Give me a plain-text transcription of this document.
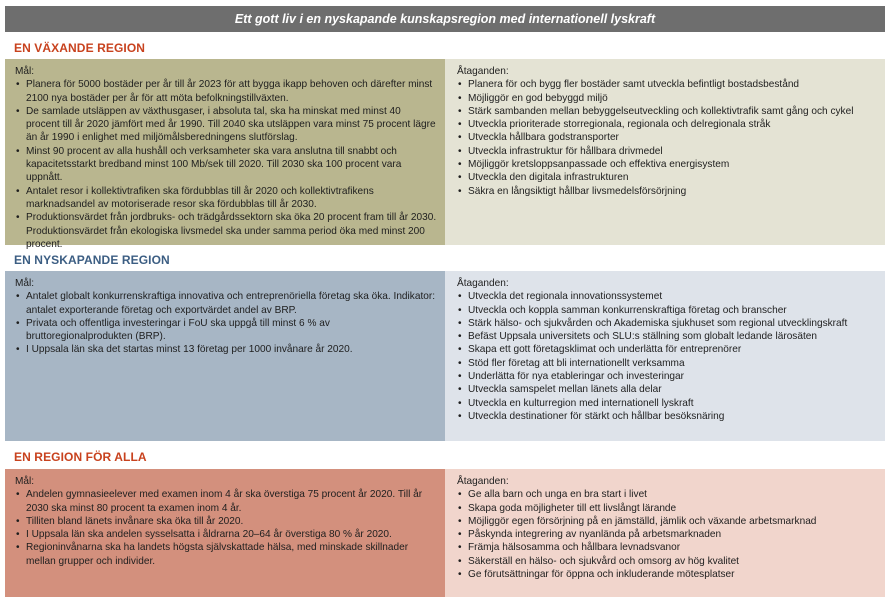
Ett gott liv i en nyskapande kunskapsregion med internationell lyskraft
EN VÄXANDE REGION
Mål:
• Planera för 5000 bostäder per år till år 2023 för att bygga ikapp behoven och därefter minst 2100 nya bostäder per år för att möta befolkningstillväxten.
• De samlade utsläppen av växthusgaser, i absoluta tal, ska ha minskat med minst 40 procent till år 2020 jämfört med år 1990. Till 2040 ska utsläppen vara minst 75 procent lägre än år 1990 i enlighet med miljömålsberedningens slutförslag.
• Minst 90 procent av alla hushåll och verksamheter ska vara anslutna till snabbt och kapacitetsstarkt bredband minst 100 Mb/sek till 2020. Till 2030 ska 100 procent vara uppnått.
• Antalet resor i kollektivtrafiken ska fördubblas till år 2020 och kollektivtrafikens marknadsandel av motoriserade resor ska fördubblas till år 2030.
• Produktionsvärdet från jordbruks- och trädgårdssektorn ska öka 20 procent fram till år 2030. Produktionsvärdet från ekologiska livsmedel ska under samma period öka med minst 200 procent.
Åtaganden:
• Planera för och bygg fler bostäder samt utveckla befintligt bostadsbestånd
• Möjliggör en god bebyggd miljö
• Stärk sambanden mellan bebyggelseutveckling och kollektivtrafik samt gång och cykel
• Utveckla prioriterade storregionala, regionala och delregionala stråk
• Utveckla hållbara godstransporter
• Utveckla infrastruktur för hållbara drivmedel
• Möjliggör kretsloppsanpassade och effektiva energisystem
• Utveckla den digitala infrastrukturen
• Säkra en långsiktigt hållbar livsmedelsförsörjning
EN NYSKAPANDE REGION
Mål:
• Antalet globalt konkurrenskraftiga innovativa och entreprenöriella företag ska öka. Indikator: antalet exporterande företag och exportvärdet andel av BRP.
• Privata och offentliga investeringar i FoU ska uppgå till minst 6 % av bruttoregionalprodukten (BRP).
• I Uppsala län ska det startas minst 13 företag per 1000 invånare år 2020.
Åtaganden:
• Utveckla det regionala innovationssystemet
• Utveckla och koppla samman konkurrenskraftiga företag och branscher
• Stärk hälso- och sjukvården och Akademiska sjukhuset som regional utvecklingskraft
• Befäst Uppsala universitets och SLU:s ställning som globalt ledande lärosäten
• Skapa ett gott företagsklimat och underlätta för entreprenörer
• Stöd fler företag att bli internationellt verksamma
• Underlätta för nya etableringar och investeringar
• Utveckla samspelet mellan länets alla delar
• Utveckla en kulturregion med internationell lyskraft
• Utveckla destinationer för stärkt och hållbar besöksnäring
EN REGION FÖR ALLA
Mål:
• Andelen gymnasieelever med examen inom 4 år ska överstiga 75 procent år 2020. Till år 2030 ska minst 80 procent ta examen inom 4 år.
• Tilliten bland länets invånare ska öka till år 2020.
• I Uppsala län ska andelen sysselsatta i åldrarna 20–64 år överstiga 80 % år 2020.
• Regioninvånarna ska ha landets högsta självskattade hälsa, med minskade skillnader mellan grupper och individer.
Åtaganden:
• Ge alla barn och unga en bra start i livet
• Skapa goda möjligheter till ett livslångt lärande
• Möjliggör egen försörjning på en jämställd, jämlik och växande arbetsmarknad
• Påskynda integrering av nyanlända på arbetsmarknaden
• Främja hälsosamma och hållbara levnadsvanor
• Säkerställ en hälso- och sjukvård och omsorg av hög kvalitet
• Ge förutsättningar för öppna och inkluderande mötesplatser
